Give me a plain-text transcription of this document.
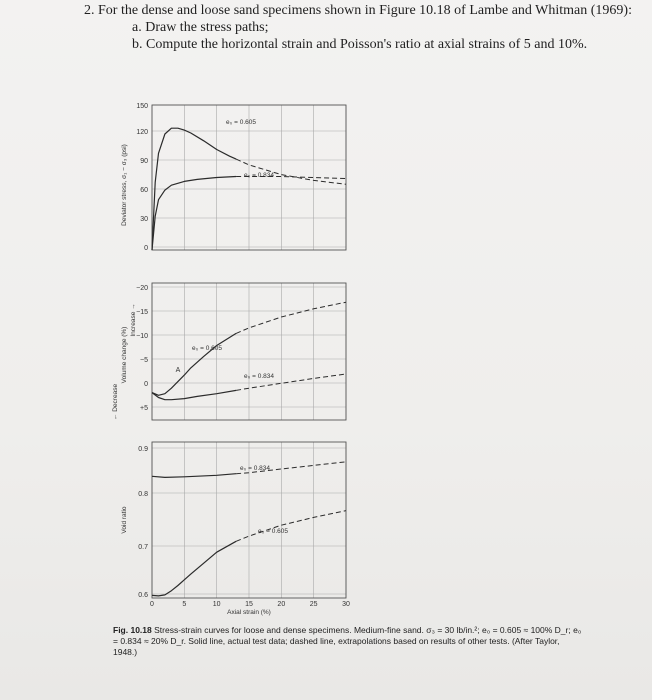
2. For the dense and loose sand specimens shown in Figure 10.18 of Lambe and Whitman (1969):
a. Draw the stress paths;
b. Compute the horizontal strain and Poisson's ratio at axial strains of 5 and 10%.
150
120
90
60
30
0
Deviator stress, σ₁ − σ₃ (psi)
e₀ = 0.605
e₀ = 0.834
−20
−15
−10
−5
0
+5
Volume change (%)
← Decrease
Increase →
e₀ = 0.605
e₀ = 0.834
A
0.9
0.8
0.7
0.6
Void ratio
e₀ = 0.834
e₀ = 0.605
0	5	10	15	20	25	30
Axial strain (%)
Fig. 10.18 Stress-strain curves for loose and dense specimens. Medium-fine sand. σ₃ = 30 lb/in.²; e₀ = 0.605 ≈ 100% D_r; e₀ = 0.834 ≈ 20% D_r. Solid line, actual test data; dashed line, extrapolations based on results of other tests. (After Taylor, 1948.)
